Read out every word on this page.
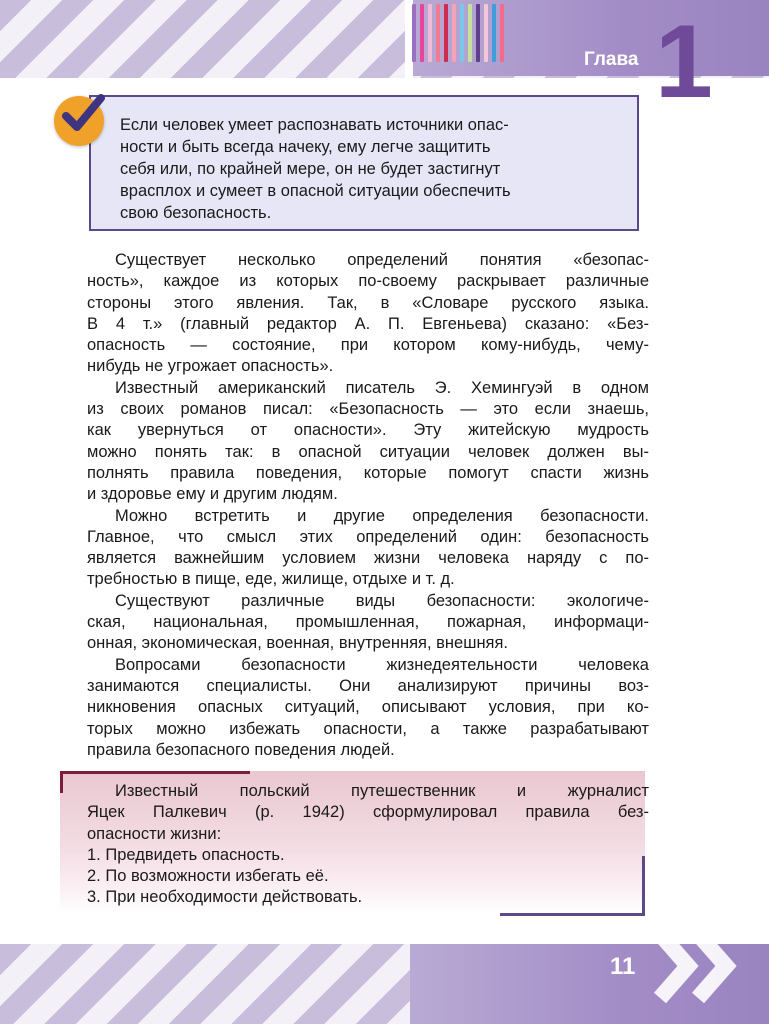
Глава 1
Если человек умеет распознавать источники опас-
ности и быть всегда начеку, ему легче защитить
себя или, по крайней мере, он не будет застигнут
врасплох и сумеет в опасной ситуации обеспечить
свою безопасность.
Существует несколько определений понятия «безопас-
ность», каждое из которых по-своему раскрывает различные
стороны этого явления. Так, в «Словаре русского языка.
В 4 т.» (главный редактор А. П. Евгеньева) сказано: «Без-
опасность — состояние, при котором кому-нибудь, чему-
нибудь не угрожает опасность».
Известный американский писатель Э. Хемингуэй в одном
из своих романов писал: «Безопасность — это если знаешь,
как увернуться от опасности». Эту житейскую мудрость
можно понять так: в опасной ситуации человек должен вы-
полнять правила поведения, которые помогут спасти жизнь
и здоровье ему и другим людям.
Можно встретить и другие определения безопасности.
Главное, что смысл этих определений один: безопасность
является важнейшим условием жизни человека наряду с по-
требностью в пище, еде, жилище, отдыхе и т. д.
Существуют различные виды безопасности: экологиче-
ская, национальная, промышленная, пожарная, информаци-
онная, экономическая, военная, внутренняя, внешняя.
Вопросами безопасности жизнедеятельности человека
занимаются специалисты. Они анализируют причины воз-
никновения опасных ситуаций, описывают условия, при ко-
торых можно избежать опасности, а также разрабатывают
правила безопасного поведения людей.
Известный польский путешественник и журналист
Яцек Палкевич (р. 1942) сформулировал правила без-
опасности жизни:
1. Предвидеть опасность.
2. По возможности избегать её.
3. При необходимости действовать.
11
